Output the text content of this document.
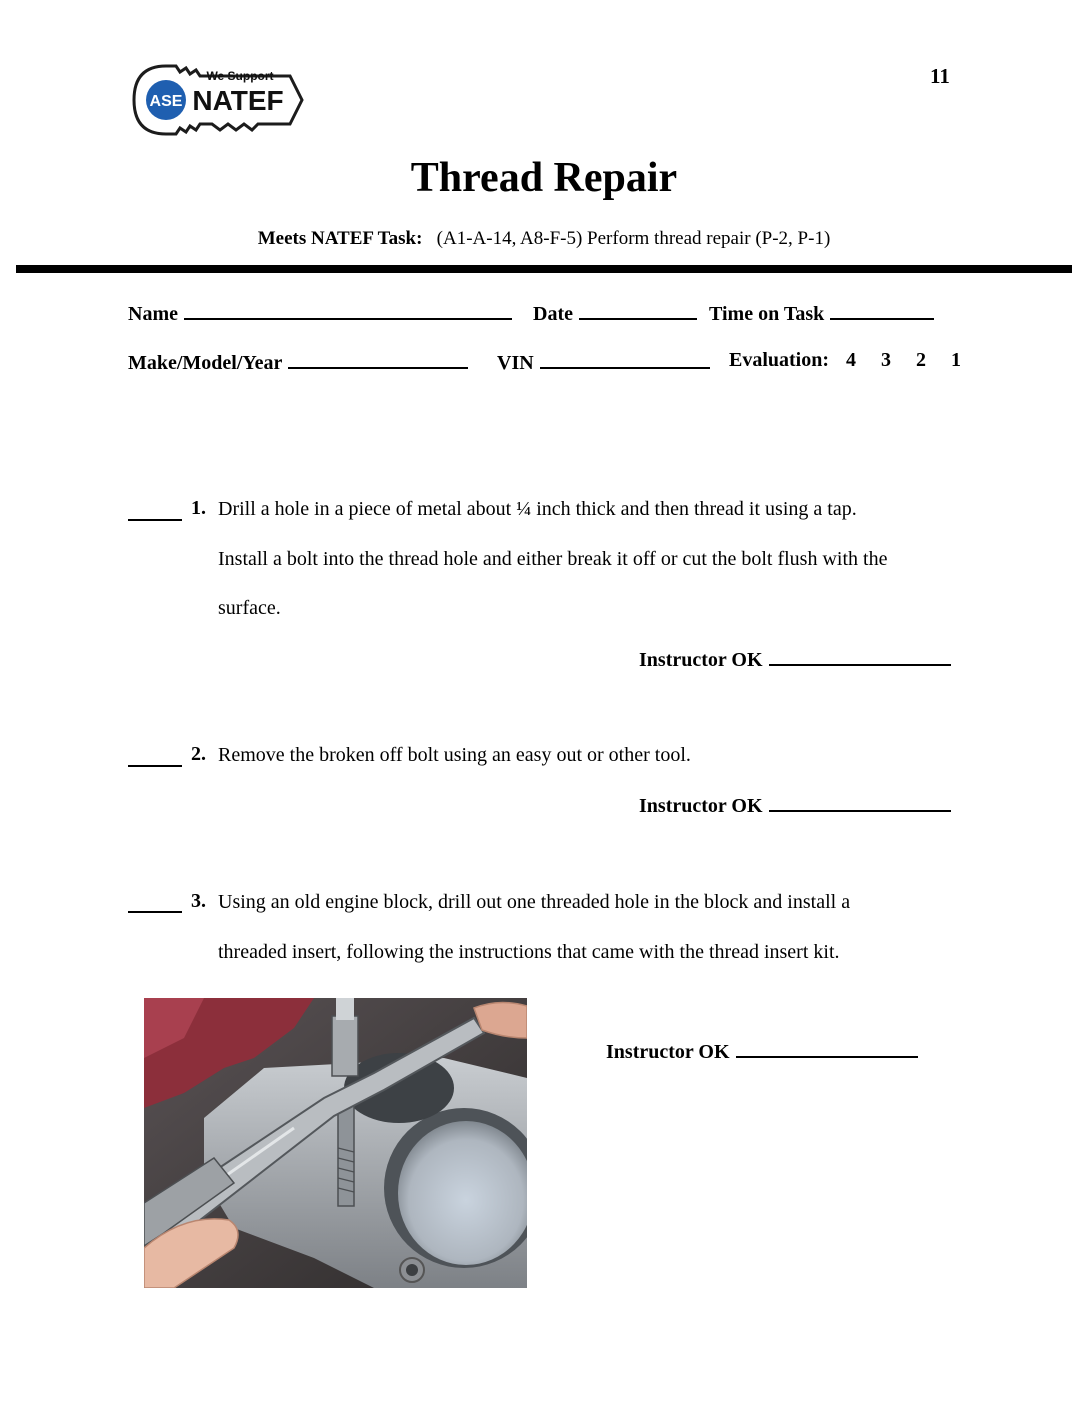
ASE
We Support
NATEF
11
Thread Repair
Meets NATEF Task: (A1-A-14, A8-F-5) Perform thread repair (P-2, P-1)
Name	Date	Time on Task
Make/Model/Year	VIN	Evaluation: 4 3 2 1
1. Drill a hole in a piece of metal about ¼ inch thick and then thread it using a tap.
Install a bolt into the thread hole and either break it off or cut the bolt flush with the
surface.
Instructor OK
2. Remove the broken off bolt using an easy out or other tool.
Instructor OK
3. Using an old engine block, drill out one threaded hole in the block and install a
threaded insert, following the instructions that came with the thread insert kit.
Instructor OK
